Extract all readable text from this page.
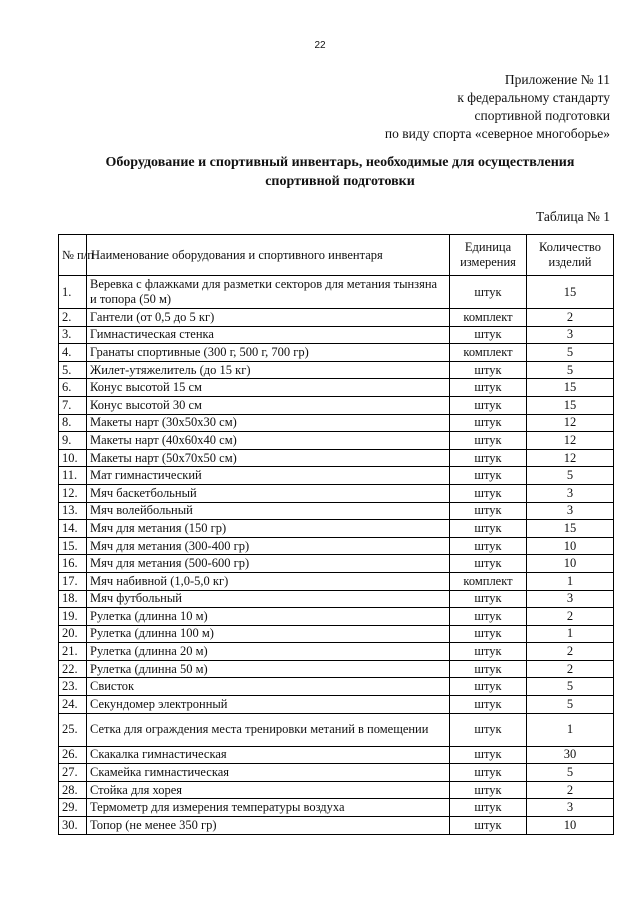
22
Приложение № 11
к федеральному стандарту
спортивной подготовки
по виду спорта «северное многоборье»
Оборудование и спортивный инвентарь, необходимые для осуществления
спортивной подготовки
Таблица № 1
№ п/п	Наименование оборудования и спортивного инвентаря	Единица измерения	Количество изделий
1.	Веревка с флажками для разметки секторов для метания тынзяна и топора (50 м)	штук	15
2.	Гантели (от 0,5 до 5 кг)	комплект	2
3.	Гимнастическая стенка	штук	3
4.	Гранаты спортивные (300 г, 500 г, 700 гр)	комплект	5
5.	Жилет-утяжелитель (до 15 кг)	штук	5
6.	Конус высотой 15 см	штук	15
7.	Конус высотой 30 см	штук	15
8.	Макеты нарт (30х50х30 см)	штук	12
9.	Макеты нарт (40х60х40 см)	штук	12
10.	Макеты нарт (50х70х50 см)	штук	12
11.	Мат гимнастический	штук	5
12.	Мяч баскетбольный	штук	3
13.	Мяч волейбольный	штук	3
14.	Мяч для метания (150 гр)	штук	15
15.	Мяч для метания (300-400 гр)	штук	10
16.	Мяч для метания (500-600 гр)	штук	10
17.	Мяч набивной (1,0-5,0 кг)	комплект	1
18.	Мяч футбольный	штук	3
19.	Рулетка (длинна 10 м)	штук	2
20.	Рулетка (длинна 100 м)	штук	1
21.	Рулетка (длинна 20 м)	штук	2
22.	Рулетка (длинна 50 м)	штук	2
23.	Свисток	штук	5
24.	Секундомер электронный	штук	5
25.	Сетка для ограждения места тренировки метаний в помещении	штук	1
26.	Скакалка гимнастическая	штук	30
27.	Скамейка гимнастическая	штук	5
28.	Стойка для хорея	штук	2
29.	Термометр для измерения температуры воздуха	штук	3
30.	Топор (не менее 350 гр)	штук	10
